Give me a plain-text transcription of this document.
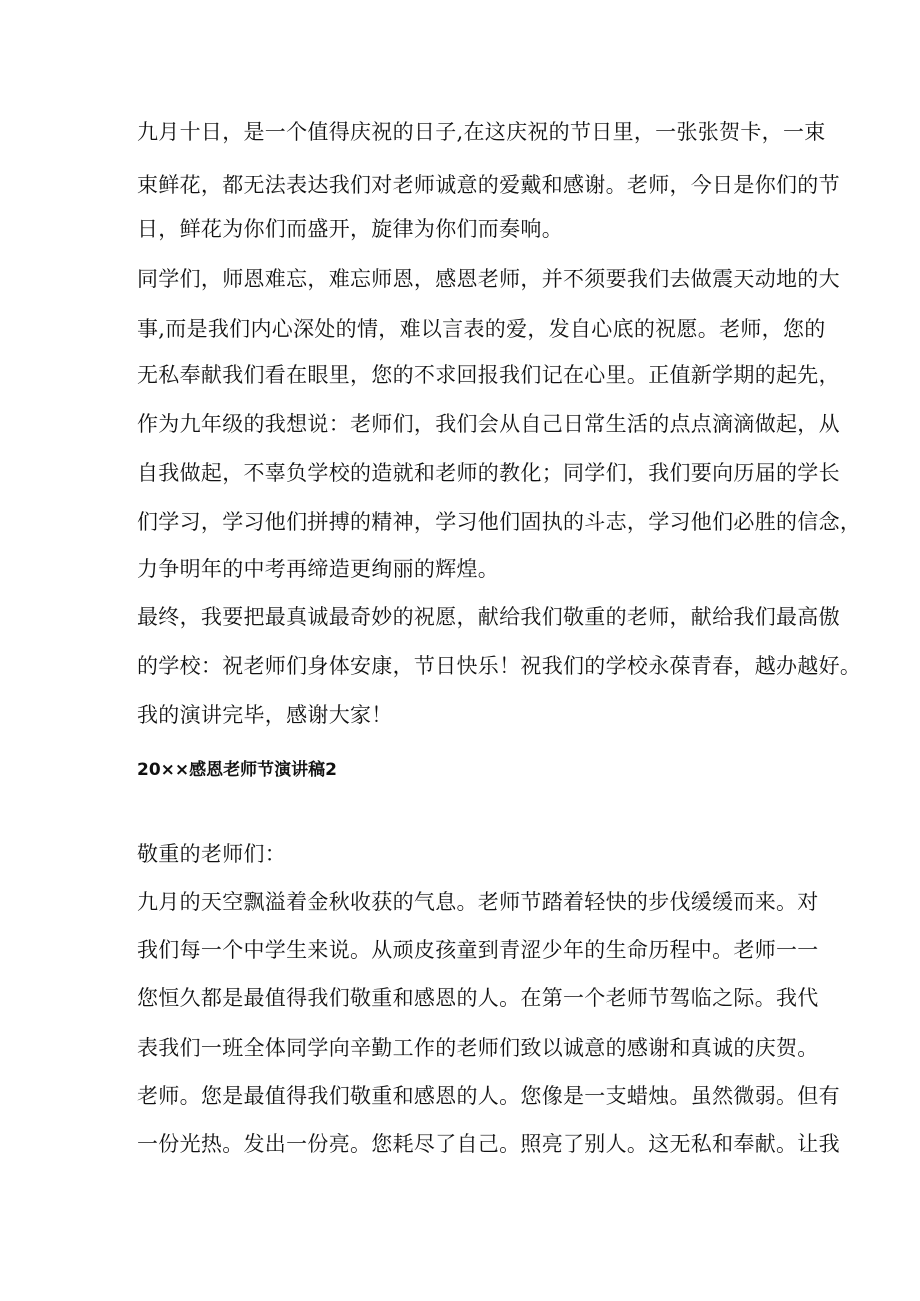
九月十日，是一个值得庆祝的日子,在这庆祝的节日里，一张张贺卡，一束
束鲜花，都无法表达我们对老师诚意的爱戴和感谢。老师，今日是你们的节
日，鲜花为你们而盛开，旋律为你们而奏响。
同学们，师恩难忘，难忘师恩，感恩老师，并不须要我们去做震天动地的大
事,而是我们内心深处的情，难以言表的爱，发自心底的祝愿。老师，您的
无私奉献我们看在眼里，您的不求回报我们记在心里。正值新学期的起先，
作为九年级的我想说：老师们，我们会从自己日常生活的点点滴滴做起，从
自我做起，不辜负学校的造就和老师的教化；同学们，我们要向历届的学长
们学习，学习他们拼搏的精神，学习他们固执的斗志，学习他们必胜的信念，
力争明年的中考再缔造更绚丽的辉煌。
最终，我要把最真诚最奇妙的祝愿，献给我们敬重的老师，献给我们最高傲
的学校：祝老师们身体安康，节日快乐！祝我们的学校永葆青春，越办越好。
我的演讲完毕，感谢大家！
20××感恩老师节演讲稿2
敬重的老师们：
九月的天空飘溢着金秋收获的气息。老师节踏着轻快的步伐缓缓而来。对
我们每一个中学生来说。从顽皮孩童到青涩少年的生命历程中。老师一一
您恒久都是最值得我们敬重和感恩的人。在第一个老师节驾临之际。我代
表我们一班全体同学向辛勤工作的老师们致以诚意的感谢和真诚的庆贺。
老师。您是最值得我们敬重和感恩的人。您像是一支蜡烛。虽然微弱。但有
一份光热。发出一份亮。您耗尽了自己。照亮了别人。这无私和奉献。让我
